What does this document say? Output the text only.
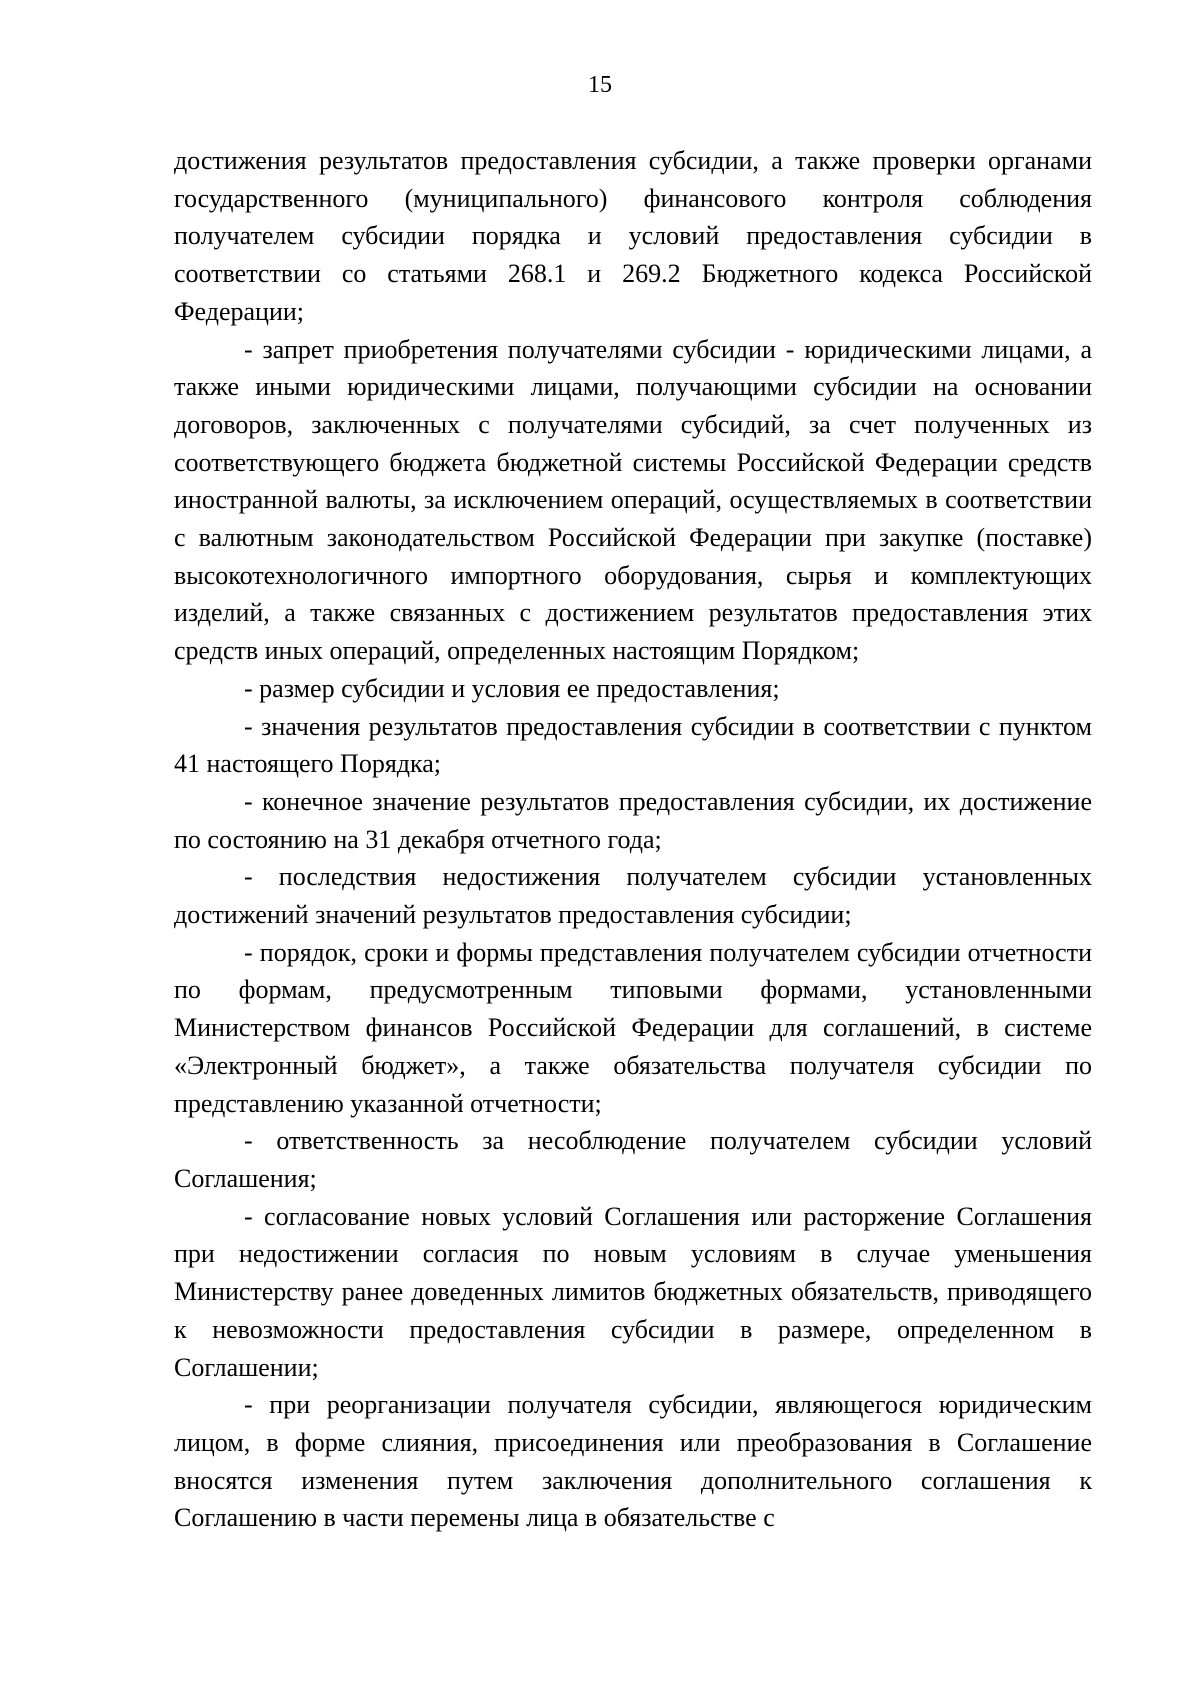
15

достижения результатов предоставления субсидии, а также проверки органами государственного (муниципального) финансового контроля соблюдения получателем субсидии порядка и условий предоставления субсидии в соответствии со статьями 268.1 и 269.2 Бюджетного кодекса Российской Федерации;

- запрет приобретения получателями субсидии - юридическими лицами, а также иными юридическими лицами, получающими субсидии на основании договоров, заключенных с получателями субсидий, за счет полученных из соответствующего бюджета бюджетной системы Российской Федерации средств иностранной валюты, за исключением операций, осуществляемых в соответствии с валютным законодательством Российской Федерации при закупке (поставке) высокотехнологичного импортного оборудования, сырья и комплектующих изделий, а также связанных с достижением результатов предоставления этих средств иных операций, определенных настоящим Порядком;

- размер субсидии и условия ее предоставления;

- значения результатов предоставления субсидии в соответствии с пунктом 41 настоящего Порядка;

- конечное значение результатов предоставления субсидии, их достижение по состоянию на 31 декабря отчетного года;

- последствия недостижения получателем субсидии установленных достижений значений результатов предоставления субсидии;

- порядок, сроки и формы представления получателем субсидии отчетности по формам, предусмотренным типовыми формами, установленными Министерством финансов Российской Федерации для соглашений, в системе «Электронный бюджет», а также обязательства получателя субсидии по представлению указанной отчетности;

- ответственность за несоблюдение получателем субсидии условий Соглашения;

- согласование новых условий Соглашения или расторжение Соглашения при недостижении согласия по новым условиям в случае уменьшения Министерству ранее доведенных лимитов бюджетных обязательств, приводящего к невозможности предоставления субсидии в размере, определенном в Соглашении;

- при реорганизации получателя субсидии, являющегося юридическим лицом, в форме слияния, присоединения или преобразования в Соглашение вносятся изменения путем заключения дополнительного соглашения к Соглашению в части перемены лица в обязательстве с
